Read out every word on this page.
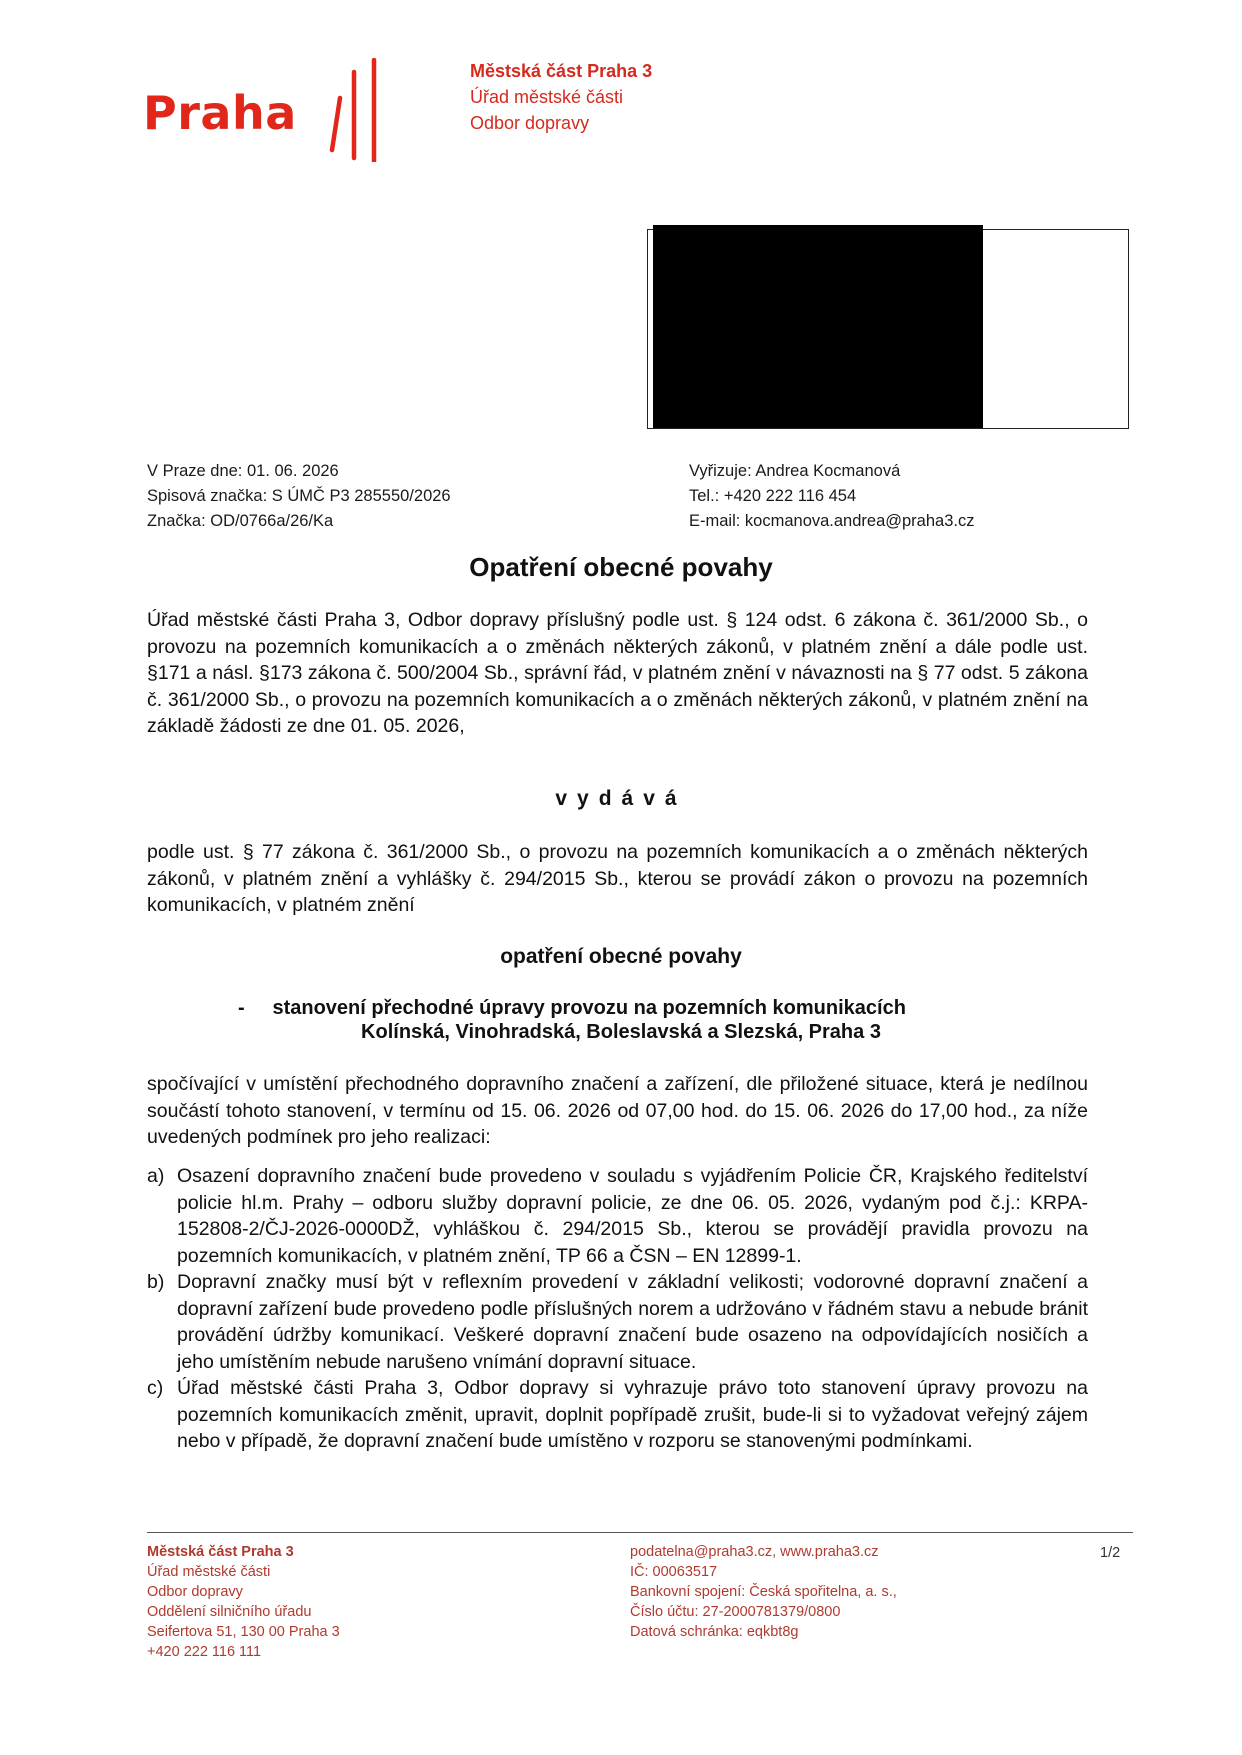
Praha
Městská část Praha 3
Úřad městské části
Odbor dopravy
V Praze dne: 01. 06. 2026
Spisová značka: S ÚMČ P3 285550/2026
Značka: OD/0766a/26/Ka
Vyřizuje: Andrea Kocmanová
Tel.: +420 222 116 454
E-mail: kocmanova.andrea@praha3.cz
Opatření obecné povahy
Úřad městské části Praha 3, Odbor dopravy příslušný podle ust. § 124 odst. 6 zákona č. 361/2000 Sb., o provozu na pozemních komunikacích a o změnách některých zákonů, v platném znění a dále podle ust. §171 a násl. §173 zákona č. 500/2004 Sb., správní řád, v platném znění v návaznosti na § 77 odst. 5 zákona č. 361/2000 Sb., o provozu na pozemních komunikacích a o změnách některých zákonů, v platném znění na základě žádosti ze dne 01. 05. 2026,
vydává
podle ust. § 77 zákona č. 361/2000 Sb., o provozu na pozemních komunikacích a o změnách některých zákonů, v platném znění a vyhlášky č. 294/2015 Sb., kterou se provádí zákon o provozu na pozemních komunikacích, v platném znění
opatření obecné povahy
- stanovení přechodné úpravy provozu na pozemních komunikacích
Kolínská, Vinohradská, Boleslavská a Slezská, Praha 3
spočívající v umístění přechodného dopravního značení a zařízení, dle přiložené situace, která je nedílnou součástí tohoto stanovení, v termínu od 15. 06. 2026 od 07,00 hod. do 15. 06. 2026 do 17,00 hod., za níže uvedených podmínek pro jeho realizaci:
a) Osazení dopravního značení bude provedeno v souladu s vyjádřením Policie ČR, Krajského ředitelství policie hl.m. Prahy – odboru služby dopravní policie, ze dne 06. 05. 2026, vydaným pod č.j.: KRPA-152808-2/ČJ-2026-0000DŽ, vyhláškou č. 294/2015 Sb., kterou se provádějí pravidla provozu na pozemních komunikacích, v platném znění, TP 66 a ČSN – EN 12899-1.
b) Dopravní značky musí být v reflexním provedení v základní velikosti; vodorovné dopravní značení a dopravní zařízení bude provedeno podle příslušných norem a udržováno v řádném stavu a nebude bránit provádění údržby komunikací. Veškeré dopravní značení bude osazeno na odpovídajících nosičích a jeho umístěním nebude narušeno vnímání dopravní situace.
c) Úřad městské části Praha 3, Odbor dopravy si vyhrazuje právo toto stanovení úpravy provozu na pozemních komunikacích změnit, upravit, doplnit popřípadě zrušit, bude-li si to vyžadovat veřejný zájem nebo v případě, že dopravní značení bude umístěno v rozporu se stanovenými podmínkami.
Městská část Praha 3
Úřad městské části
Odbor dopravy
Oddělení silničního úřadu
Seifertova 51, 130 00 Praha 3
+420 222 116 111
podatelna@praha3.cz, www.praha3.cz
IČ: 00063517
Bankovní spojení: Česká spořitelna, a. s.,
Číslo účtu: 27-2000781379/0800
Datová schránka: eqkbt8g
1/2
